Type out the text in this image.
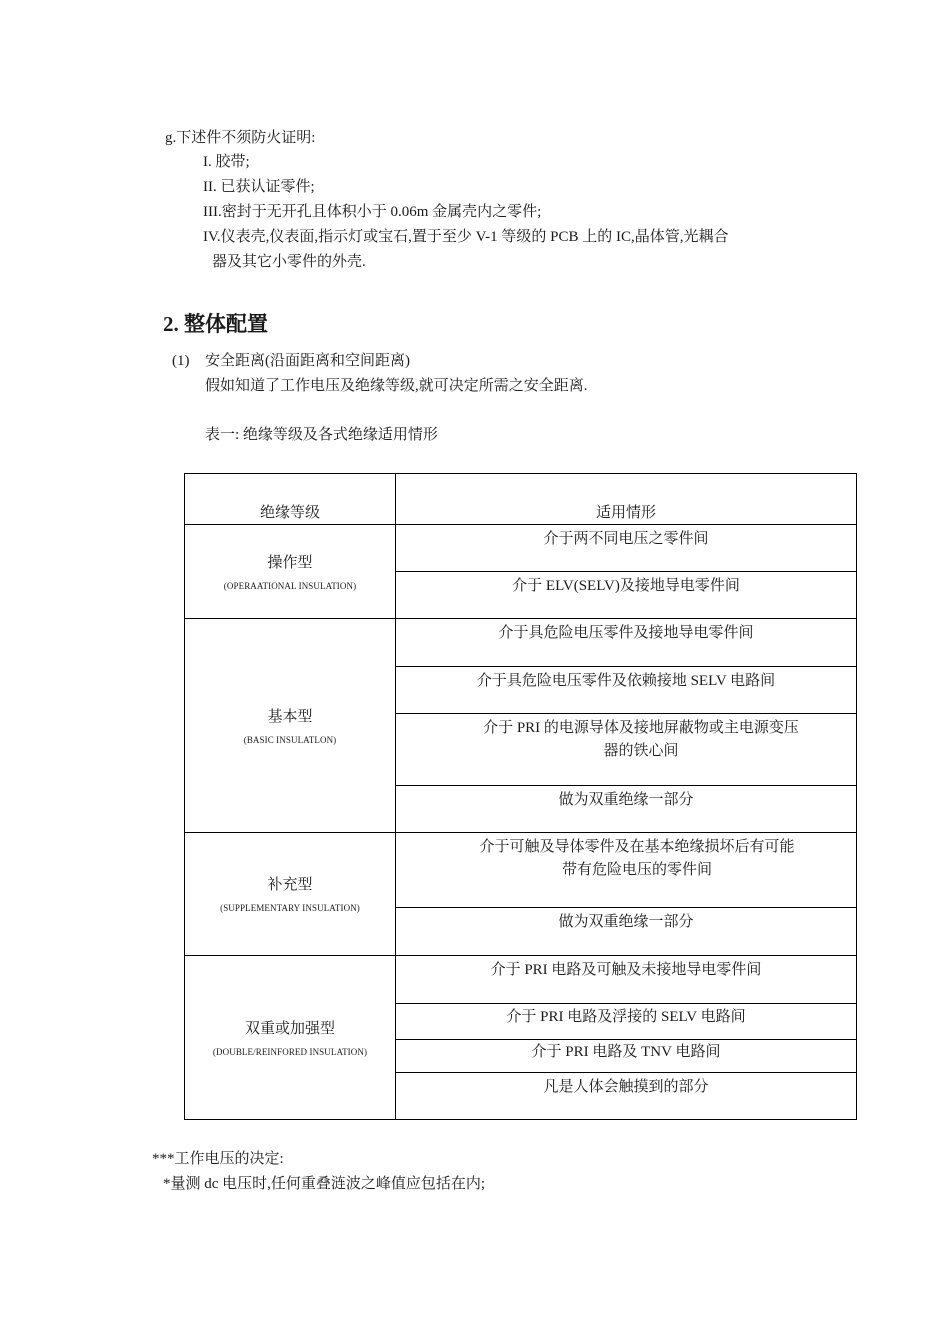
g.下述件不须防火证明:
I. 胶带;
II. 已获认证零件;
III.密封于无开孔且体积小于 0.06m 金属壳内之零件;
IV.仪表壳,仪表面,指示灯或宝石,置于至少 V-1 等级的 PCB 上的 IC,晶体管,光耦合
器及其它小零件的外壳.
2. 整体配置
(1) 安全距离(沿面距离和空间距离)
假如知道了工作电压及绝缘等级,就可决定所需之安全距离.
表一: 绝缘等级及各式绝缘适用情形
绝缘等级	适用情形

操作型
(OPERAATIONAL INSULATION)	介于两不同电压之零件间

	介于 ELV(SELV)及接地导电零件间

基本型
(BASIC INSULATLON)	介于具危险电压零件及接地导电零件间

	介于具危险电压零件及依赖接地 SELV 电路间

	介于 PRI 的电源导体及接地屏蔽物或主电源变压器的铁心间

	做为双重绝缘一部分

补充型
(SUPPLEMENTARY INSULATION)	介于可触及导体零件及在基本绝缘损坏后有可能带有危险电压的零件间

	做为双重绝缘一部分

双重或加强型
(DOUBLE/REINFORED INSULATION)	介于 PRI 电路及可触及未接地导电零件间

	介于 PRI 电路及浮接的 SELV 电路间

	介于 PRI 电路及 TNV 电路间

	凡是人体会触摸到的部分
***工作电压的决定:
*量测 dc 电压时,任何重叠涟波之峰值应包括在内;
